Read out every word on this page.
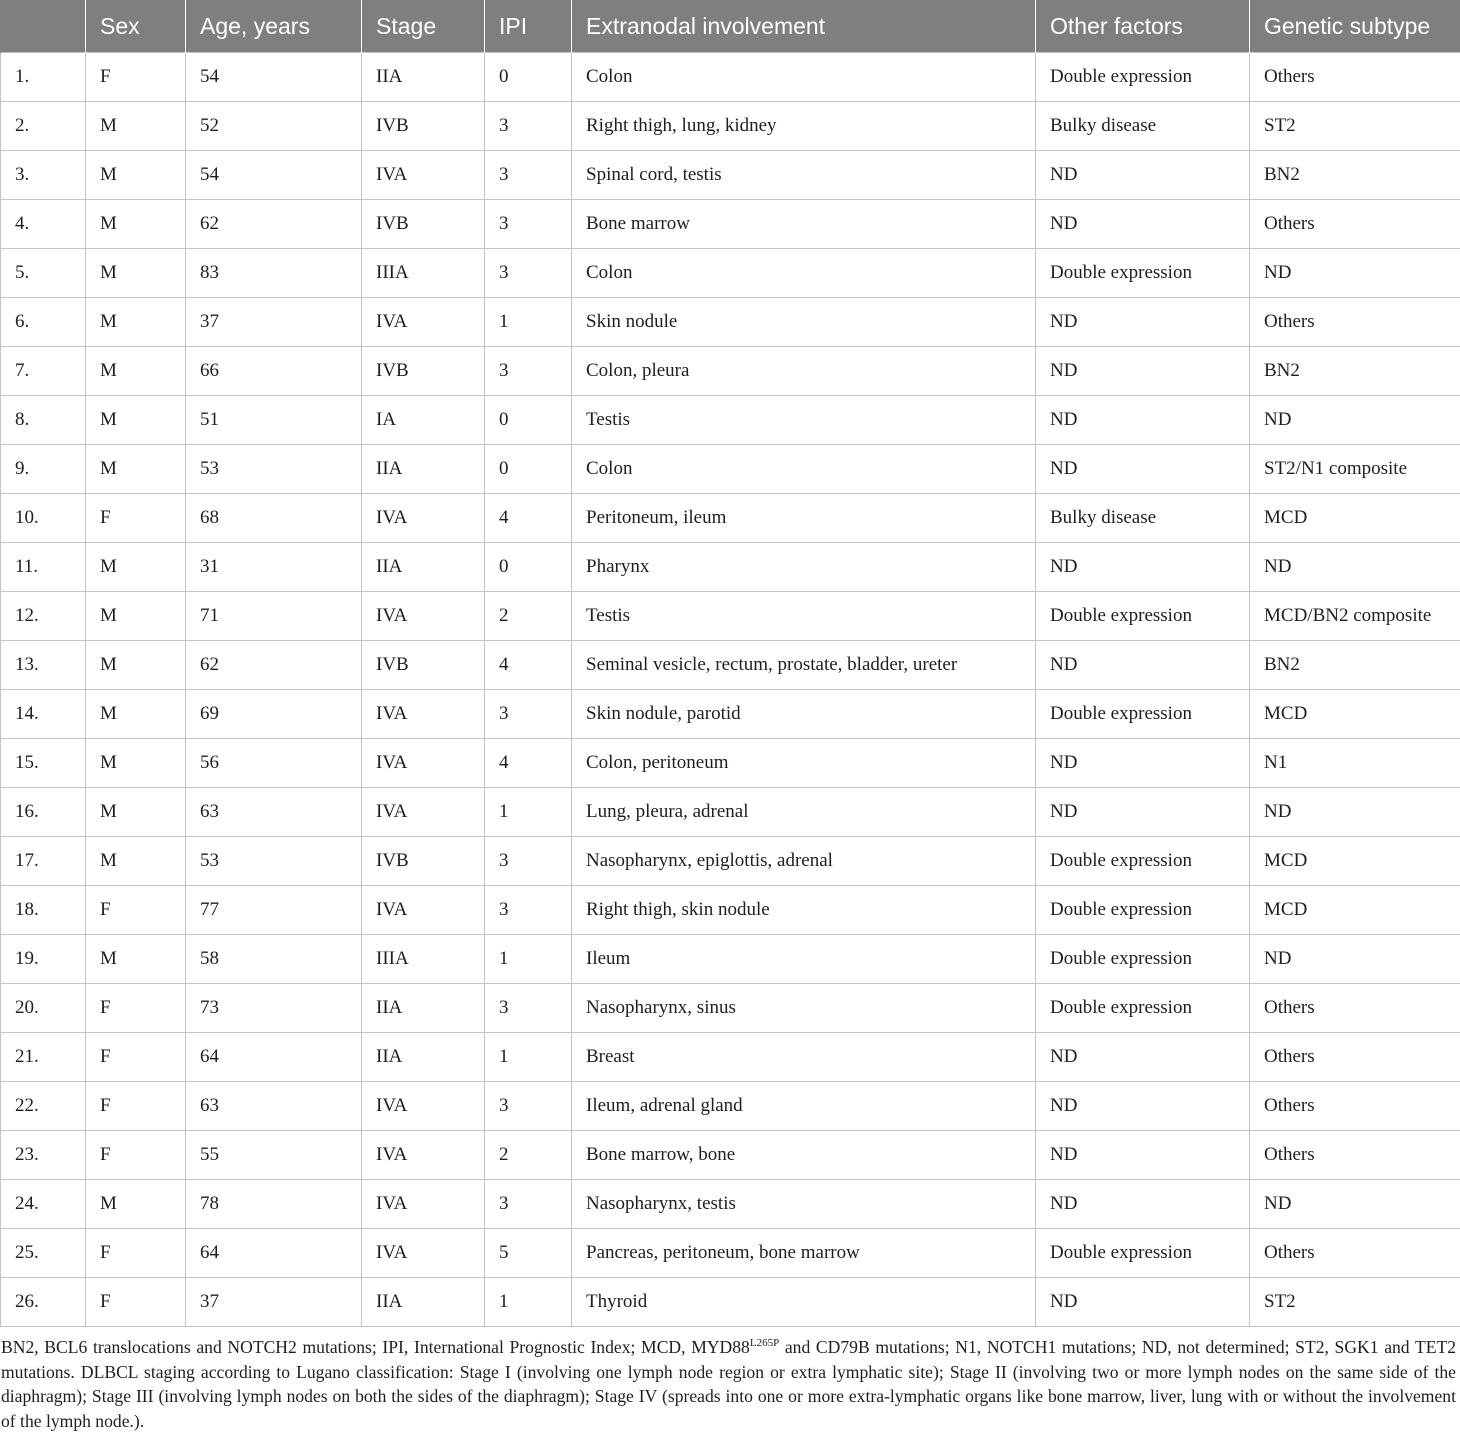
	Sex	Age, years	Stage	IPI	Extranodal involvement	Other factors	Genetic subtype
1.	F	54	IIA	0	Colon	Double expression	Others
2.	M	52	IVB	3	Right thigh, lung, kidney	Bulky disease	ST2
3.	M	54	IVA	3	Spinal cord, testis	ND	BN2
4.	M	62	IVB	3	Bone marrow	ND	Others
5.	M	83	IIIA	3	Colon	Double expression	ND
6.	M	37	IVA	1	Skin nodule	ND	Others
7.	M	66	IVB	3	Colon, pleura	ND	BN2
8.	M	51	IA	0	Testis	ND	ND
9.	M	53	IIA	0	Colon	ND	ST2/N1 composite
10.	F	68	IVA	4	Peritoneum, ileum	Bulky disease	MCD
11.	M	31	IIA	0	Pharynx	ND	ND
12.	M	71	IVA	2	Testis	Double expression	MCD/BN2 composite
13.	M	62	IVB	4	Seminal vesicle, rectum, prostate, bladder, ureter	ND	BN2
14.	M	69	IVA	3	Skin nodule, parotid	Double expression	MCD
15.	M	56	IVA	4	Colon, peritoneum	ND	N1
16.	M	63	IVA	1	Lung, pleura, adrenal	ND	ND
17.	M	53	IVB	3	Nasopharynx, epiglottis, adrenal	Double expression	MCD
18.	F	77	IVA	3	Right thigh, skin nodule	Double expression	MCD
19.	M	58	IIIA	1	Ileum	Double expression	ND
20.	F	73	IIA	3	Nasopharynx, sinus	Double expression	Others
21.	F	64	IIA	1	Breast	ND	Others
22.	F	63	IVA	3	Ileum, adrenal gland	ND	Others
23.	F	55	IVA	2	Bone marrow, bone	ND	Others
24.	M	78	IVA	3	Nasopharynx, testis	ND	ND
25.	F	64	IVA	5	Pancreas, peritoneum, bone marrow	Double expression	Others
26.	F	37	IIA	1	Thyroid	ND	ST2

BN2, BCL6 translocations and NOTCH2 mutations; IPI, International Prognostic Index; MCD, $MYD88^{L265P}$ and CD79B mutations; N1, NOTCH1 mutations; ND, not determined; ST2, SGK1 and TET2 mutations. DLBCL staging according to Lugano classification: Stage I (involving one lymph node region or extra lymphatic site); Stage II (involving two or more lymph nodes on the same side of the diaphragm); Stage III (involving lymph nodes on both the sides of the diaphragm); Stage IV (spreads into one or more extra-lymphatic organs like bone marrow, liver, lung with or without the involvement of the lymph node.).
